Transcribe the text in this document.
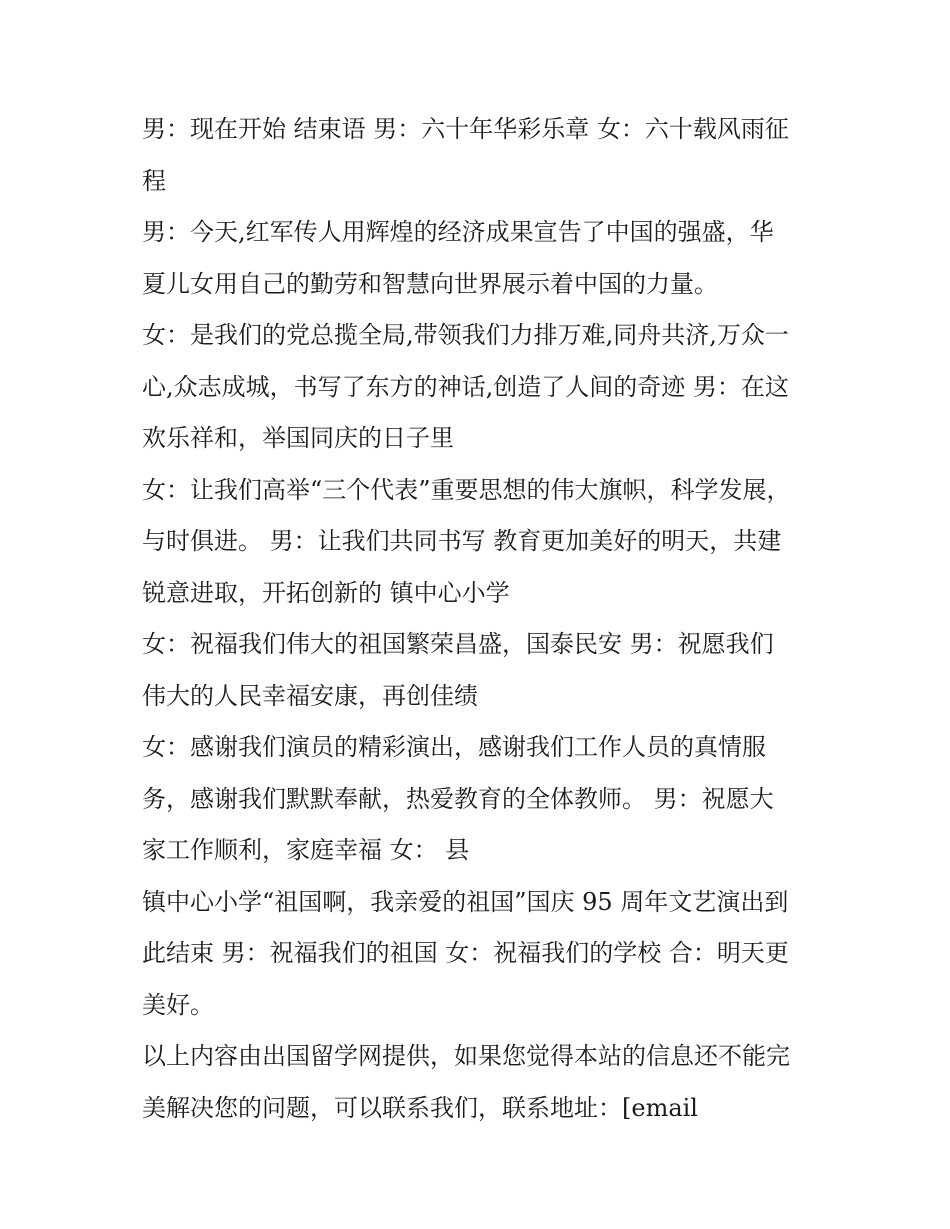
男：现在开始 结束语 男：六十年华彩乐章 女：六十载风雨征
程

男：今天,红军传人用辉煌的经济成果宣告了中国的强盛，华
夏儿女用自己的勤劳和智慧向世界展示着中国的力量。

女：是我们的党总揽全局,带领我们力排万难,同舟共济,万众一
心,众志成城，书写了东方的神话,创造了人间的奇迹 男：在这
欢乐祥和，举国同庆的日子里

女：让我们高举“三个代表”重要思想的伟大旗帜，科学发展，
与时俱进。 男：让我们共同书写 教育更加美好的明天，共建
锐意进取，开拓创新的 镇中心小学

女：祝福我们伟大的祖国繁荣昌盛，国泰民安 男：祝愿我们
伟大的人民幸福安康，再创佳绩

女：感谢我们演员的精彩演出，感谢我们工作人员的真情服
务，感谢我们默默奉献，热爱教育的全体教师。 男：祝愿大
家工作顺利，家庭幸福 女： 县

镇中心小学“祖国啊，我亲爱的祖国”国庆 95 周年文艺演出到
此结束 男：祝福我们的祖国 女：祝福我们的学校 合：明天更
美好。

以上内容由出国留学网提供，如果您觉得本站的信息还不能完
美解决您的问题，可以联系我们，联系地址：[email
